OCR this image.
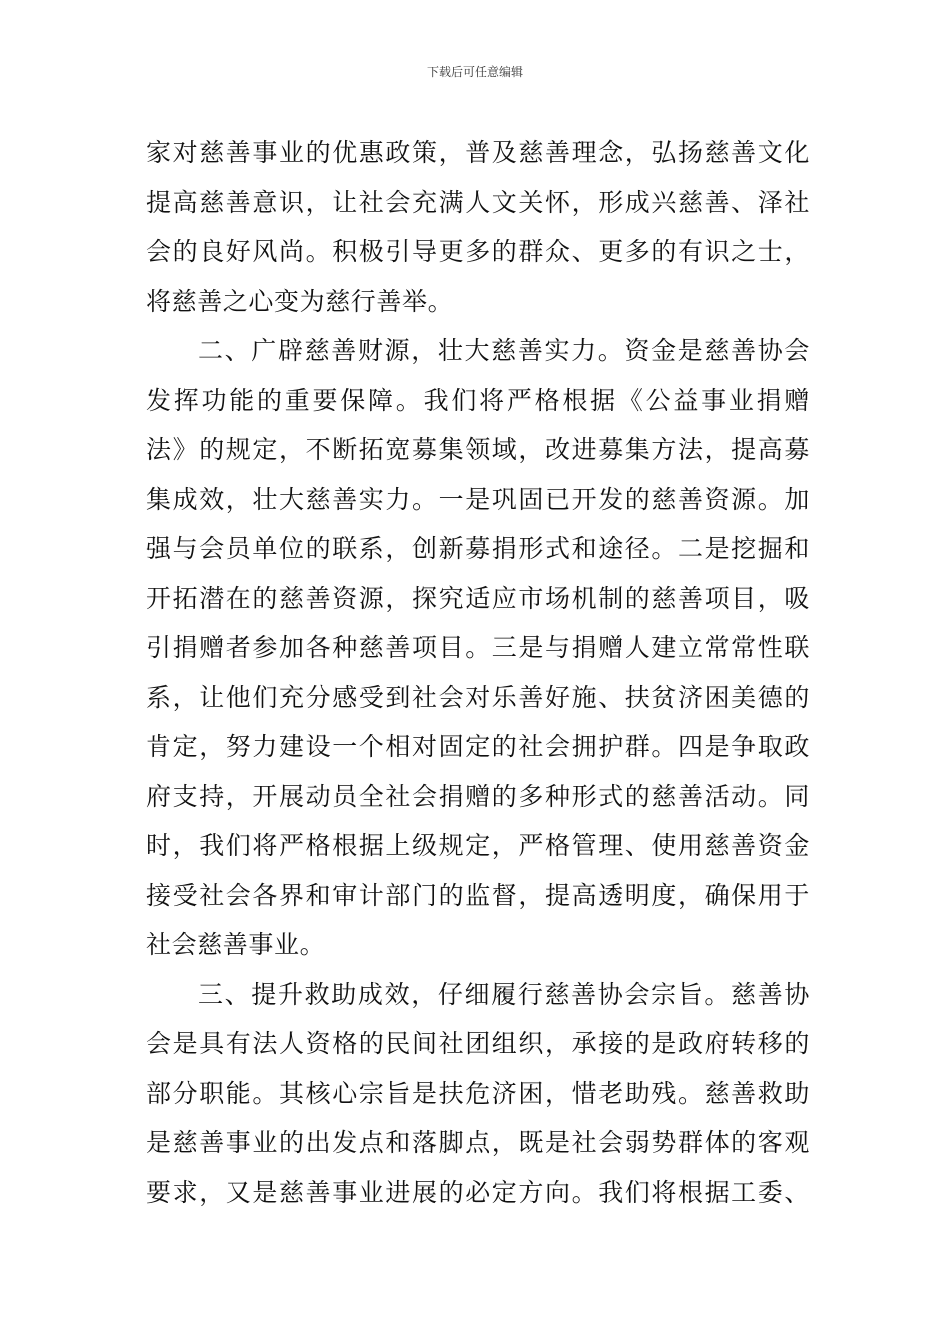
下载后可任意编辑
家对慈善事业的优惠政策，普及慈善理念，弘扬慈善文化
提高慈善意识，让社会充满人文关怀，形成兴慈善、泽社
会的良好风尚。积极引导更多的群众、更多的有识之士，
将慈善之心变为慈行善举。
二、广辟慈善财源，壮大慈善实力。资金是慈善协会
发挥功能的重要保障。我们将严格根据《公益事业捐赠
法》的规定，不断拓宽募集领域，改进募集方法，提高募
集成效，壮大慈善实力。一是巩固已开发的慈善资源。加
强与会员单位的联系，创新募捐形式和途径。二是挖掘和
开拓潜在的慈善资源，探究适应市场机制的慈善项目，吸
引捐赠者参加各种慈善项目。三是与捐赠人建立常常性联
系，让他们充分感受到社会对乐善好施、扶贫济困美德的
肯定，努力建设一个相对固定的社会拥护群。四是争取政
府支持，开展动员全社会捐赠的多种形式的慈善活动。同
时，我们将严格根据上级规定，严格管理、使用慈善资金
接受社会各界和审计部门的监督，提高透明度，确保用于
社会慈善事业。
三、提升救助成效，仔细履行慈善协会宗旨。慈善协
会是具有法人资格的民间社团组织，承接的是政府转移的
部分职能。其核心宗旨是扶危济困，惜老助残。慈善救助
是慈善事业的出发点和落脚点，既是社会弱势群体的客观
要求，又是慈善事业进展的必定方向。我们将根据工委、
